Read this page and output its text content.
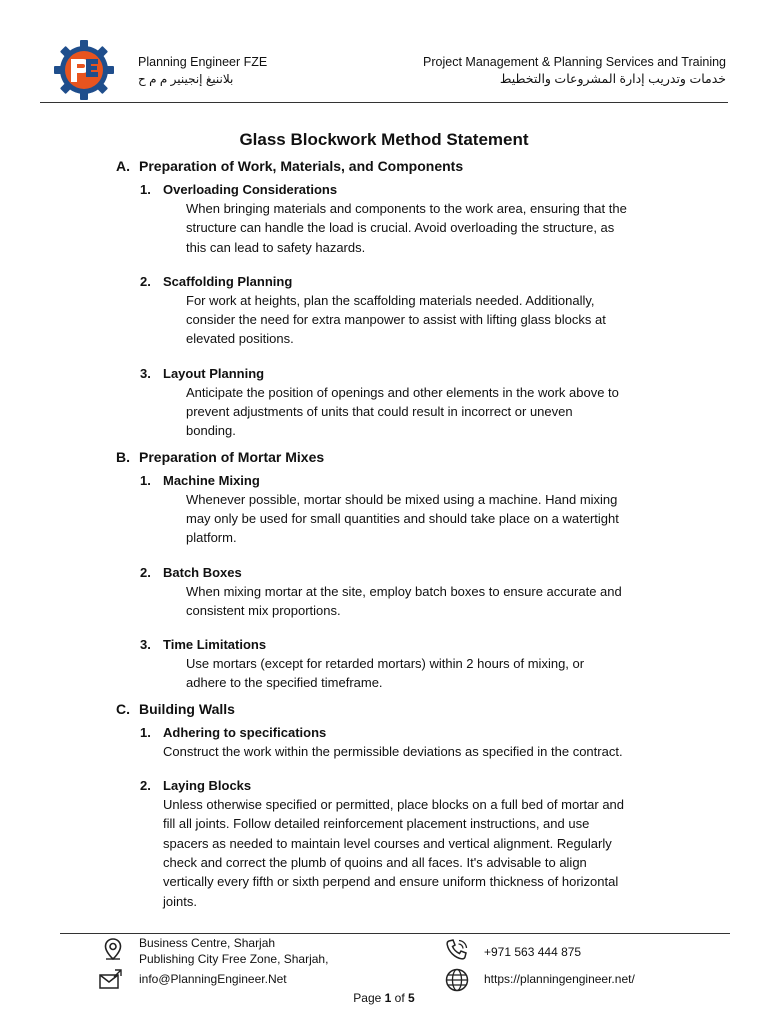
Planning Engineer FZE
بلاننيغ إنجينير م م ح
Project Management & Planning Services and Training
خدمات وتدريب إدارة المشروعات والتخطيط
Glass Blockwork Method Statement
A. Preparation of Work, Materials, and Components
1. Overloading Considerations
When bringing materials and components to the work area, ensuring that the
structure can handle the load is crucial. Avoid overloading the structure, as
this can lead to safety hazards.
2. Scaffolding Planning
For work at heights, plan the scaffolding materials needed. Additionally,
consider the need for extra manpower to assist with lifting glass blocks at
elevated positions.
3. Layout Planning
Anticipate the position of openings and other elements in the work above to
prevent adjustments of units that could result in incorrect or uneven
bonding.
B. Preparation of Mortar Mixes
1. Machine Mixing
Whenever possible, mortar should be mixed using a machine. Hand mixing
may only be used for small quantities and should take place on a watertight
platform.
2. Batch Boxes
When mixing mortar at the site, employ batch boxes to ensure accurate and
consistent mix proportions.
3. Time Limitations
Use mortars (except for retarded mortars) within 2 hours of mixing, or
adhere to the specified timeframe.
C. Building Walls
1. Adhering to specifications
Construct the work within the permissible deviations as specified in the contract.
2. Laying Blocks
Unless otherwise specified or permitted, place blocks on a full bed of mortar and
fill all joints. Follow detailed reinforcement placement instructions, and use
spacers as needed to maintain level courses and vertical alignment. Regularly
check and correct the plumb of quoins and all faces. It's advisable to align
vertically every fifth or sixth perpend and ensure uniform thickness of horizontal
joints.
Business Centre, Sharjah
Publishing City Free Zone, Sharjah,
info@PlanningEngineer.Net
+971 563 444 875
https://planningengineer.net/
Page 1 of 5
